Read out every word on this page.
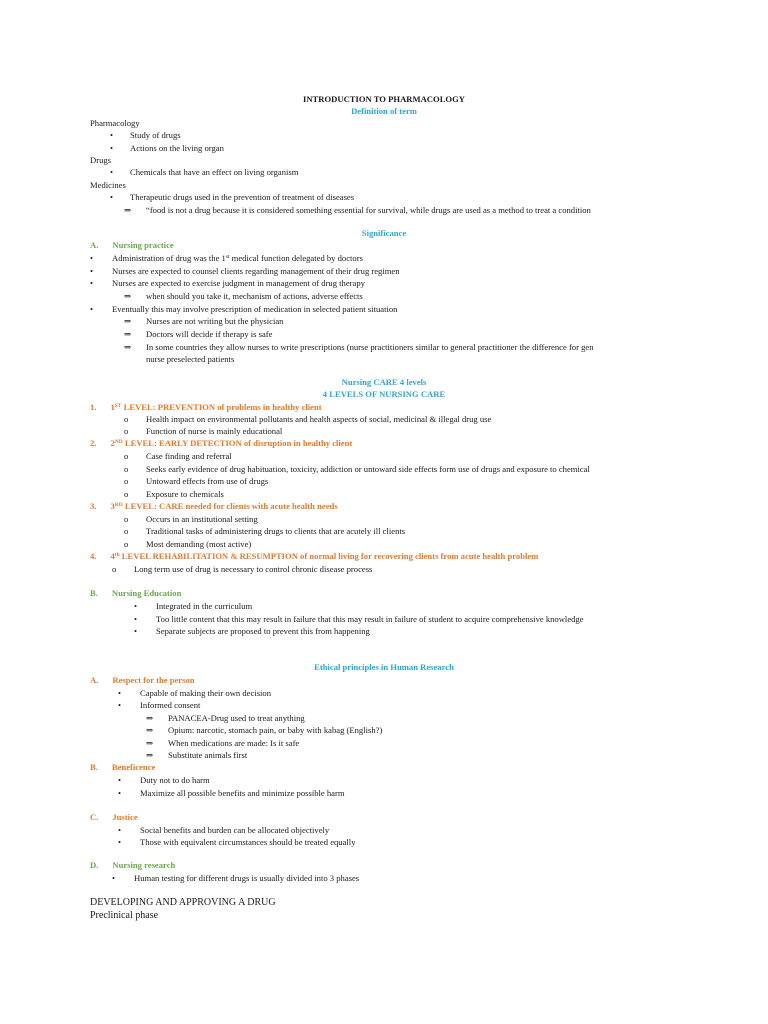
INTRODUCTION TO PHARMACOLOGY
Definition of term
Pharmacology
• Study of drugs
• Actions on the living organ
Drugs
• Chemicals that have an effect on living organism
Medicines
• Therapeutic drugs used in the prevention of treatment of diseases
⇒ “food is not a drug because it is considered something essential for survival, while drugs are used as a method to treat a condition
Significance
A. Nursing practice
• Administration of drug was the 1st medical function delegated by doctors
• Nurses are expected to counsel clients regarding management of their drug regimen
• Nurses are expected to exercise judgment in management of drug therapy
⇒ when should you take it, mechanism of actions, adverse effects
• Eventually this may involve prescription of medication in selected patient situation
⇒ Nurses are not writing but the physician
⇒ Doctors will decide if therapy is safe
⇒ In some countries they allow nurses to write prescriptions (nurse practitioners similar to general practitioner the difference for gen
nurse preselected patients
Nursing CARE 4 levels
4 LEVELS OF NURSING CARE
1. 1ST LEVEL: PREVENTION of problems in healthy client
o Health impact on environmental pollutants and health aspects of social, medicinal & illegal drug use
o Function of nurse is mainly educational
2. 2ND LEVEL: EARLY DETECTION of disruption in healthy client
o Case finding and referral
o Seeks early evidence of drug habituation, toxicity, addiction or untoward side effects form use of drugs and exposure to chemical
o Untoward effects from use of drugs
o Exposure to chemicals
3. 3RD LEVEL: CARE needed for clients with acute health needs
o Occurs in an institutional setting
o Traditional tasks of administering drugs to clients that are acutely ill clients
o Most demanding (most active)
4. 4th LEVEL REHABILITATION & RESUMPTION of normal living for recovering clients from acute health problem
o Long term use of drug is necessary to control chronic disease process
B. Nursing Education
• Integrated in the curriculum
• Too little content that this may result in failure that this may result in failure of student to acquire comprehensive knowledge
• Separate subjects are proposed to prevent this from happening
Ethical principles in Human Research
A. Respect for the person
• Capable of making their own decision
• Informed consent
⇒ PANACEA-Drug used to treat anything
⇒ Opium: narcotic, stomach pain, or baby with kabag (English?)
⇒ When medications are made: Is it safe
⇒ Substitute animals first
B. Beneficence
• Duty not to do harm
• Maximize all possible benefits and minimize possible harm
C. Justice
• Social benefits and burden can be allocated objectively
• Those with equivalent circumstances should be treated equally
D. Nursing research
• Human testing for different drugs is usually divided into 3 phases
DEVELOPING AND APPROVING A DRUG
Preclinical phase
